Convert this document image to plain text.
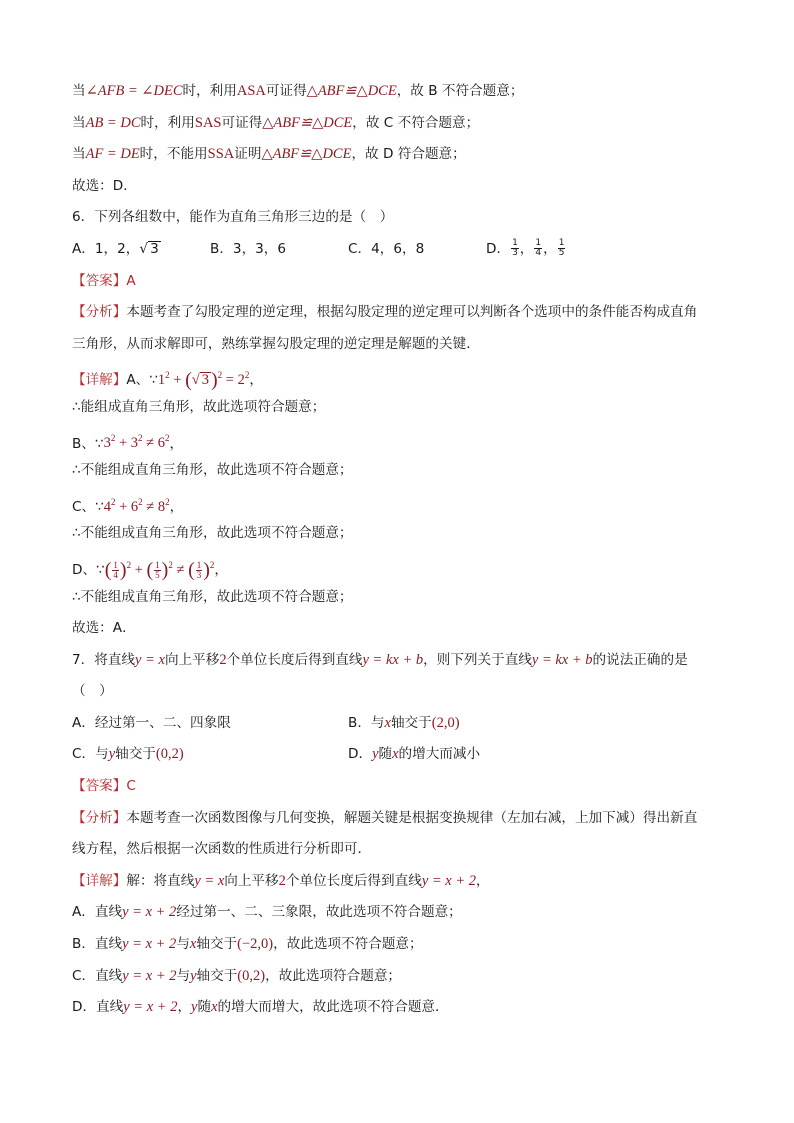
当∠AFB = ∠DEC时，利用ASA可证得△ABF≌△DCE，故 B 不符合题意；
当AB = DC时，利用SAS可证得△ABF≌△DCE，故 C 不符合题意；
当AF = DE时，不能用SSA证明△ABF≌△DCE，故 D 符合题意；
故选：D．
6．下列各组数中，能作为直角三角形三边的是（　）
A．1，2，√ 3	B．3，3，6	C．4，6，8	D． $\frac{1}{3}$ ， $\frac{1}{4}$ ， $\frac{1}{5}$
【答案】A
【分析】本题考查了勾股定理的逆定理，根据勾股定理的逆定理可以判断各个选项中的条件能否构成直角
三角形，从而求解即可，熟练掌握勾股定理的逆定理是解题的关键．
【详解】A、$\because 1^2$ + (√ 3 )$^2 = 2^2$，
∴能组成直角三角形，故此选项符合题意；
B、$\because 3^2 + 3^2 \ne 6^2$，
∴不能组成直角三角形，故此选项不符合题意；
C、$\because 4^2 + 6^2 \ne 8^2$，
∴不能组成直角三角形，故此选项不符合题意；
D、∵( $\frac{1}{4} )^2$ + ( $\frac{1}{5} )^2$ ≠ ( $\frac{1}{3} )^2$，
∴不能组成直角三角形，故此选项不符合题意；
故选：A．
7．将直线y = x向上平移2个单位长度后得到直线y = kx + b，则下列关于直线y = kx + b的说法正确的是
（　）
A．经过第一、二、四象限	B．与x轴交于(2,0)
C．与y轴交于(0,2)	D．y随x的增大而减小
【答案】C
【分析】本题考查一次函数图像与几何变换，解题关键是根据变换规律（左加右减，上加下减）得出新直
线方程，然后根据一次函数的性质进行分析即可．
【详解】解：将直线y = x向上平移2个单位长度后得到直线y = x + 2，
A．直线y = x + 2经过第一、二、三象限，故此选项不符合题意；
B．直线y = x + 2与x轴交于(−2,0)，故此选项不符合题意；
C．直线y = x + 2与y轴交于(0,2)，故此选项符合题意；
D．直线y = x + 2，y随x的增大而增大，故此选项不符合题意．
